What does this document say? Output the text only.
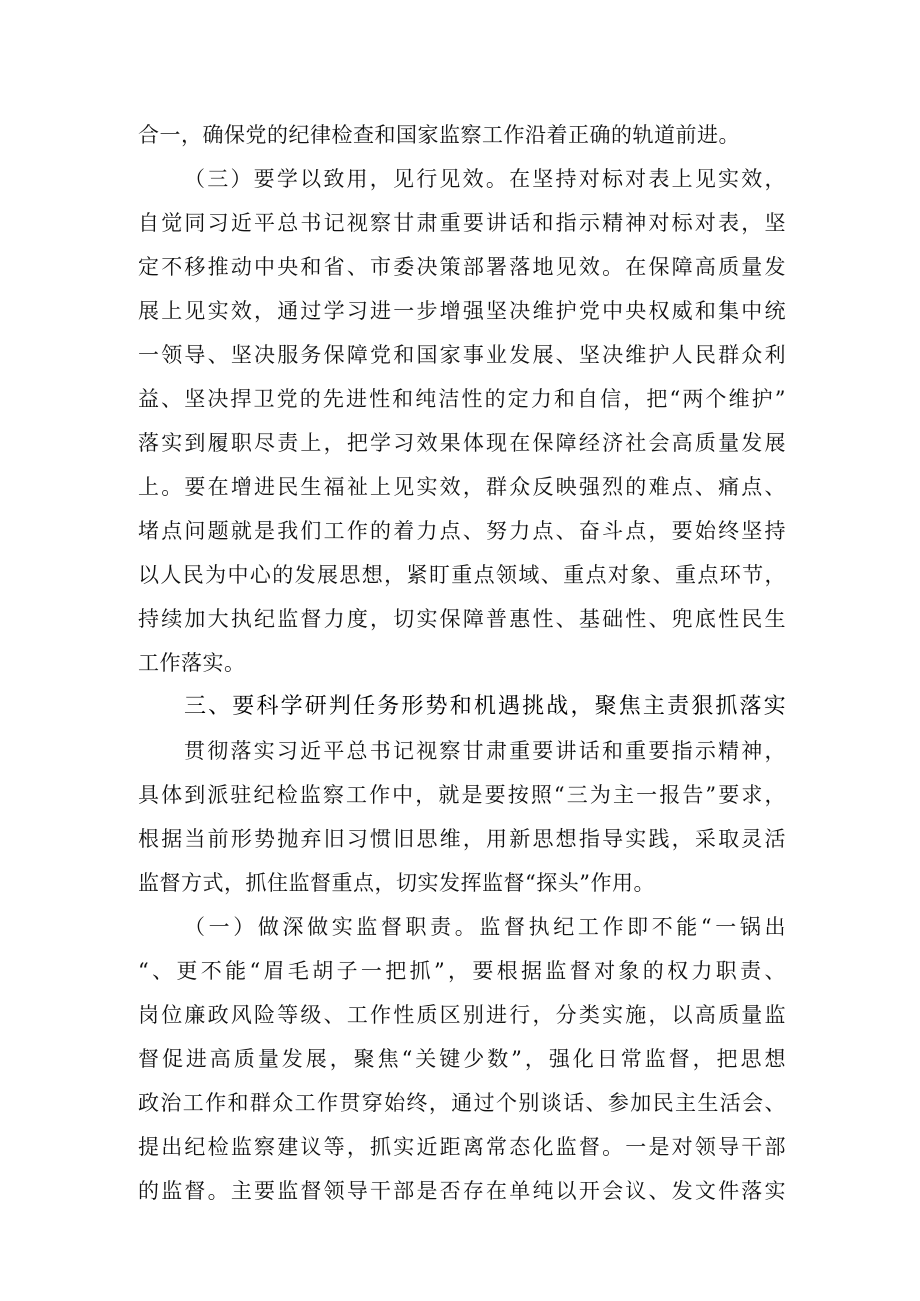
合一，确保党的纪律检查和国家监察工作沿着正确的轨道前进。
（三）要学以致用，见行见效。在坚持对标对表上见实效，
自觉同习近平总书记视察甘肃重要讲话和指示精神对标对表，坚
定不移推动中央和省、市委决策部署落地见效。在保障高质量发
展上见实效，通过学习进一步增强坚决维护党中央权威和集中统
一领导、坚决服务保障党和国家事业发展、坚决维护人民群众利
益、坚决捍卫党的先进性和纯洁性的定力和自信，把“两个维护”
落实到履职尽责上，把学习效果体现在保障经济社会高质量发展
上。要在增进民生福祉上见实效，群众反映强烈的难点、痛点、
堵点问题就是我们工作的着力点、努力点、奋斗点，要始终坚持
以人民为中心的发展思想，紧盯重点领域、重点对象、重点环节，
持续加大执纪监督力度，切实保障普惠性、基础性、兜底性民生
工作落实。
三、要科学研判任务形势和机遇挑战，聚焦主责狠抓落实
贯彻落实习近平总书记视察甘肃重要讲话和重要指示精神，
具体到派驻纪检监察工作中，就是要按照“三为主一报告”要求，
根据当前形势抛弃旧习惯旧思维，用新思想指导实践，采取灵活
监督方式，抓住监督重点，切实发挥监督“探头”作用。
（一）做深做实监督职责。监督执纪工作即不能“一锅出
“、更不能“眉毛胡子一把抓”，要根据监督对象的权力职责、
岗位廉政风险等级、工作性质区别进行，分类实施，以高质量监
督促进高质量发展，聚焦“关键少数”，强化日常监督，把思想
政治工作和群众工作贯穿始终，通过个别谈话、参加民主生活会、
提出纪检监察建议等，抓实近距离常态化监督。一是对领导干部
的监督。主要监督领导干部是否存在单纯以开会议、发文件落实
